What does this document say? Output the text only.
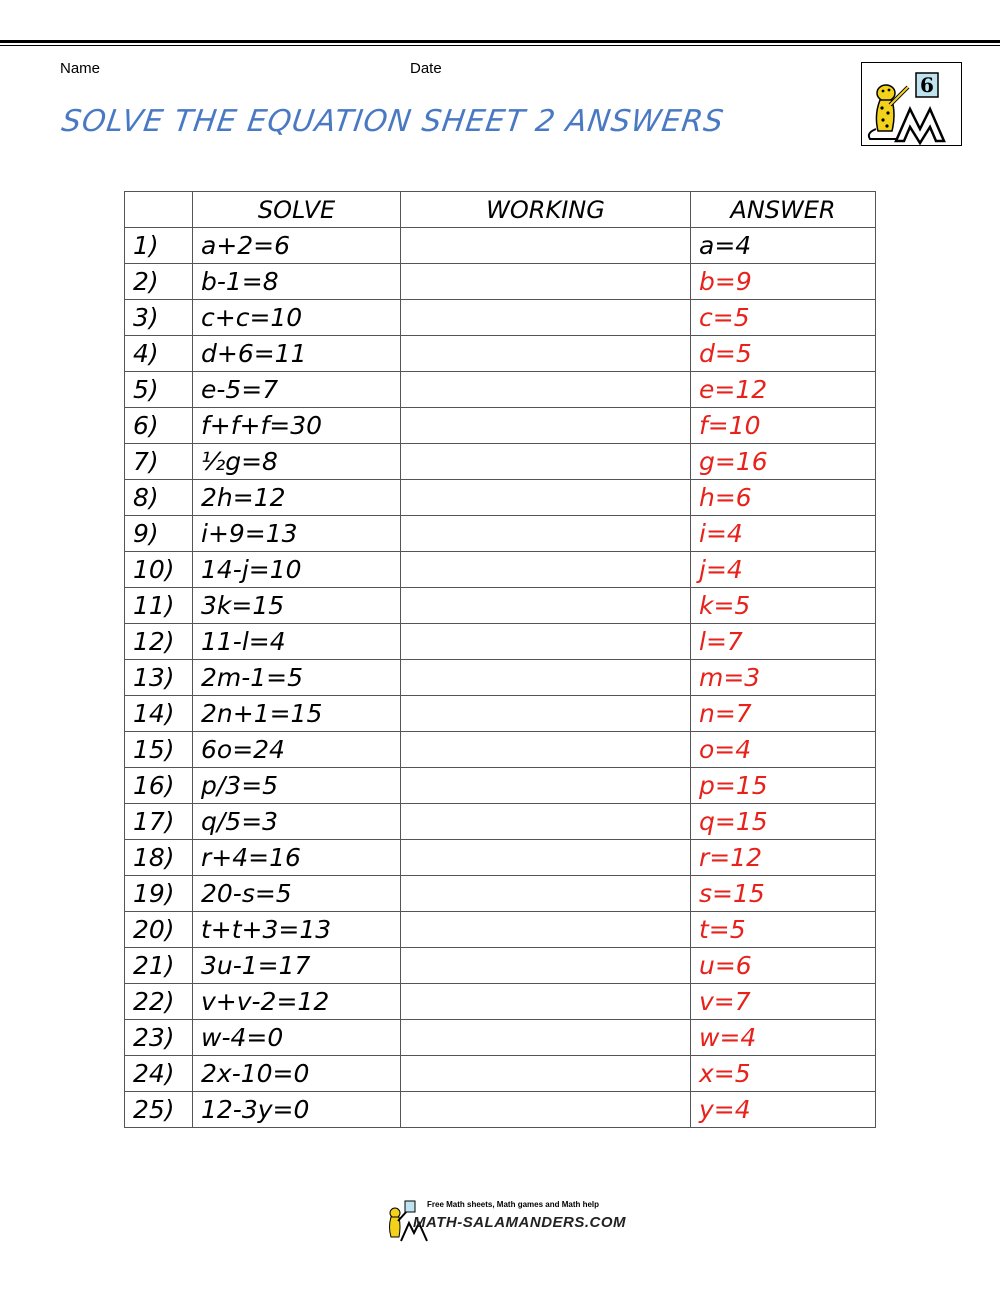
Name	Date
SOLVE THE EQUATION SHEET 2 ANSWERS
6
	SOLVE	WORKING	ANSWER
1)	a+2=6		a=4
2)	b-1=8		b=9
3)	c+c=10		c=5
4)	d+6=11		d=5
5)	e-5=7		e=12
6)	f+f+f=30		f=10
7)	½g=8		g=16
8)	2h=12		h=6
9)	i+9=13		i=4
10)	14-j=10		j=4
11)	3k=15		k=5
12)	11-l=4		l=7
13)	2m-1=5		m=3
14)	2n+1=15		n=7
15)	6o=24		o=4
16)	p/3=5		p=15
17)	q/5=3		q=15
18)	r+4=16		r=12
19)	20-s=5		s=15
20)	t+t+3=13		t=5
21)	3u-1=17		u=6
22)	v+v-2=12		v=7
23)	w-4=0		w=4
24)	2x-10=0		x=5
25)	12-3y=0		y=4
Free Math sheets, Math games and Math help
MATH-SALAMANDERS.COM
